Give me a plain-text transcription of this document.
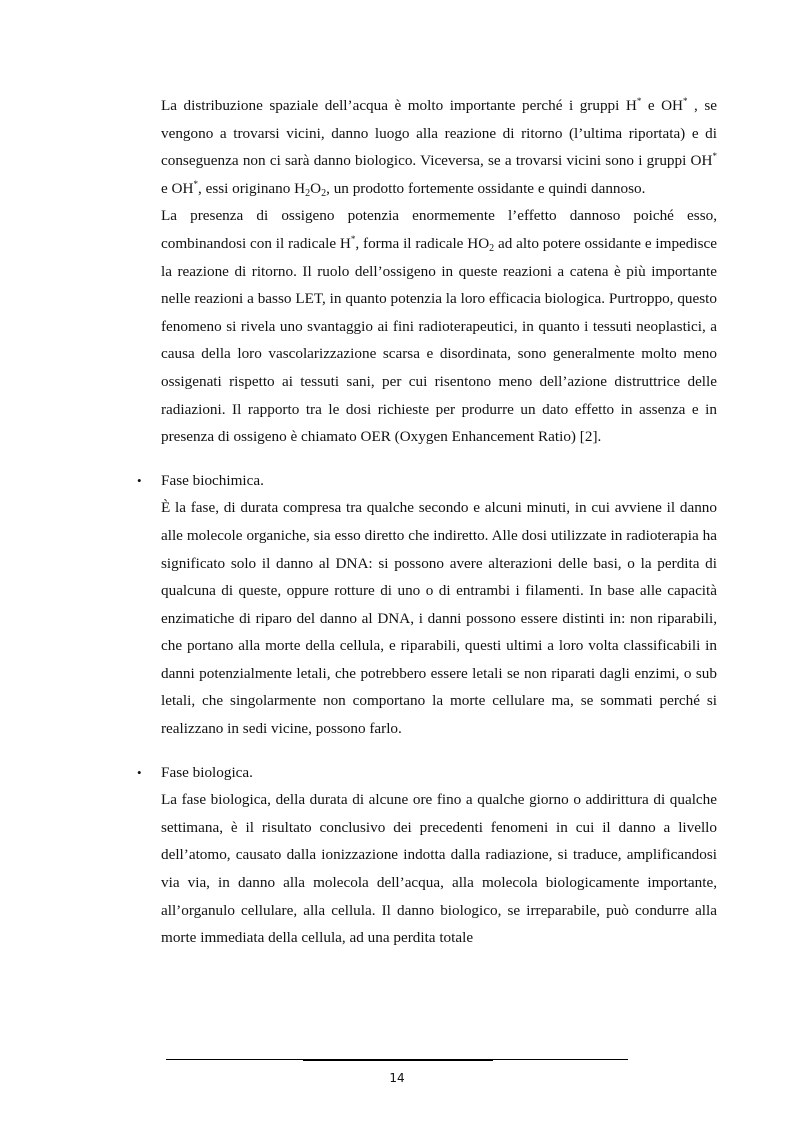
La distribuzione spaziale dell’acqua è molto importante perché i gruppi H* e OH* , se vengono a trovarsi vicini, danno luogo alla reazione di ritorno (l’ultima riportata) e di conseguenza non ci sarà danno biologico. Viceversa, se a trovarsi vicini sono i gruppi OH* e OH*, essi originano $H_2O_2$, un prodotto fortemente ossidante e quindi dannoso.

La presenza di ossigeno potenzia enormemente l’effetto dannoso poiché esso, combinandosi con il radicale H*, forma il radicale $HO_2$ ad alto potere ossidante e impedisce la reazione di ritorno. Il ruolo dell’ossigeno in queste reazioni a catena è più importante nelle reazioni a basso LET, in quanto potenzia la loro efficacia biologica. Purtroppo, questo fenomeno si rivela uno svantaggio ai fini radioterapeutici, in quanto i tessuti neoplastici, a causa della loro vascolarizzazione scarsa e disordinata, sono generalmente molto meno ossigenati rispetto ai tessuti sani, per cui risentono meno dell’azione distruttrice delle radiazioni. Il rapporto tra le dosi richieste per produrre un dato effetto in assenza e in presenza di ossigeno è chiamato OER (Oxygen Enhancement Ratio) [2].

• Fase biochimica.

È la fase, di durata compresa tra qualche secondo e alcuni minuti, in cui avviene il danno alle molecole organiche, sia esso diretto che indiretto. Alle dosi utilizzate in radioterapia ha significato solo il danno al DNA: si possono avere alterazioni delle basi, o la perdita di qualcuna di queste, oppure rotture di uno o di entrambi i filamenti. In base alle capacità enzimatiche di riparo del danno al DNA, i danni possono essere distinti in: non riparabili, che portano alla morte della cellula, e riparabili, questi ultimi a loro volta classificabili in danni potenzialmente letali, che potrebbero essere letali se non riparati dagli enzimi, o sub letali, che singolarmente non comportano la morte cellulare ma, se sommati perché si realizzano in sedi vicine, possono farlo.

• Fase biologica.

La fase biologica, della durata di alcune ore fino a qualche giorno o addirittura di qualche settimana, è il risultato conclusivo dei precedenti fenomeni in cui il danno a livello dell’atomo, causato dalla ionizzazione indotta dalla radiazione, si traduce, amplificandosi via via, in danno alla molecola dell’acqua, alla molecola biologicamente importante, all’organulo cellulare, alla cellula. Il danno biologico, se irreparabile, può condurre alla morte immediata della cellula, ad una perdita totale

14
